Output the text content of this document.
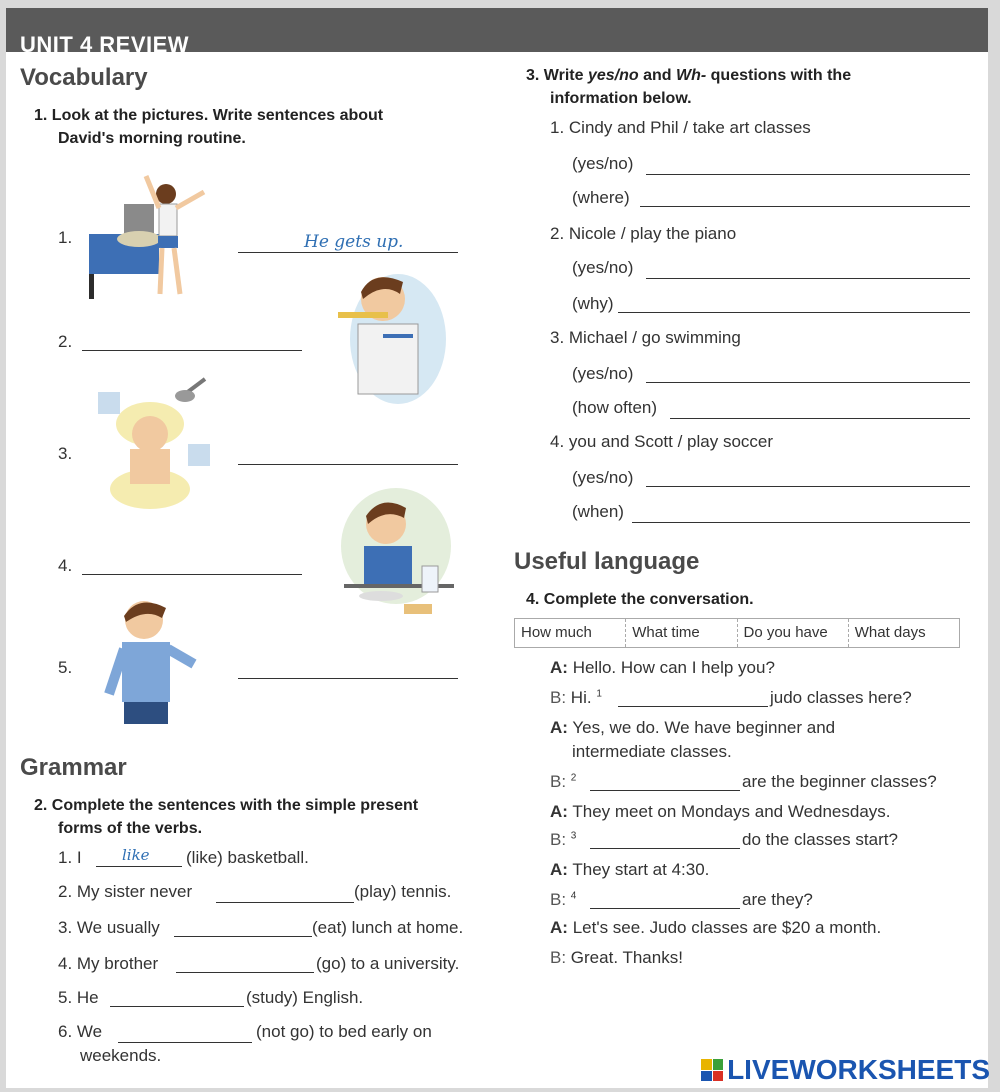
UNIT 4 REVIEW
Vocabulary
1. Look at the pictures. Write sentences about
David's morning routine.
1.	He gets up.
2.
3.
4.
5.
Grammar
2. Complete the sentences with the simple present
forms of the verbs.
1. I	like (like) basketball.
2. My sister never	(play) tennis.
3. We usually	(eat) lunch at home.
4. My brother	(go) to a university.
5. He	(study) English.
6. We	(not go) to bed early on
weekends.
3. Write yes/no and Wh- questions with the
information below.
1. Cindy and Phil / take art classes
(yes/no)
(where)
2. Nicole / play the piano
(yes/no)
(why)
3. Michael / go swimming
(yes/no)
(how often)
4. you and Scott / play soccer
(yes/no)
(when)
Useful language
4. Complete the conversation.
How much	What time	Do you have	What days
A: Hello. How can I help you?
B: Hi. $^1$	judo classes here?
A: Yes, we do. We have beginner and
intermediate classes.
B: $^2$	are the beginner classes?
A: They meet on Mondays and Wednesdays.
B: $^3$	do the classes start?
A: They start at 4:30.
B: $^4$	are they?
A: Let's see. Judo classes are $20 a month.
B: Great. Thanks!
LIVEWORKSHEETS
